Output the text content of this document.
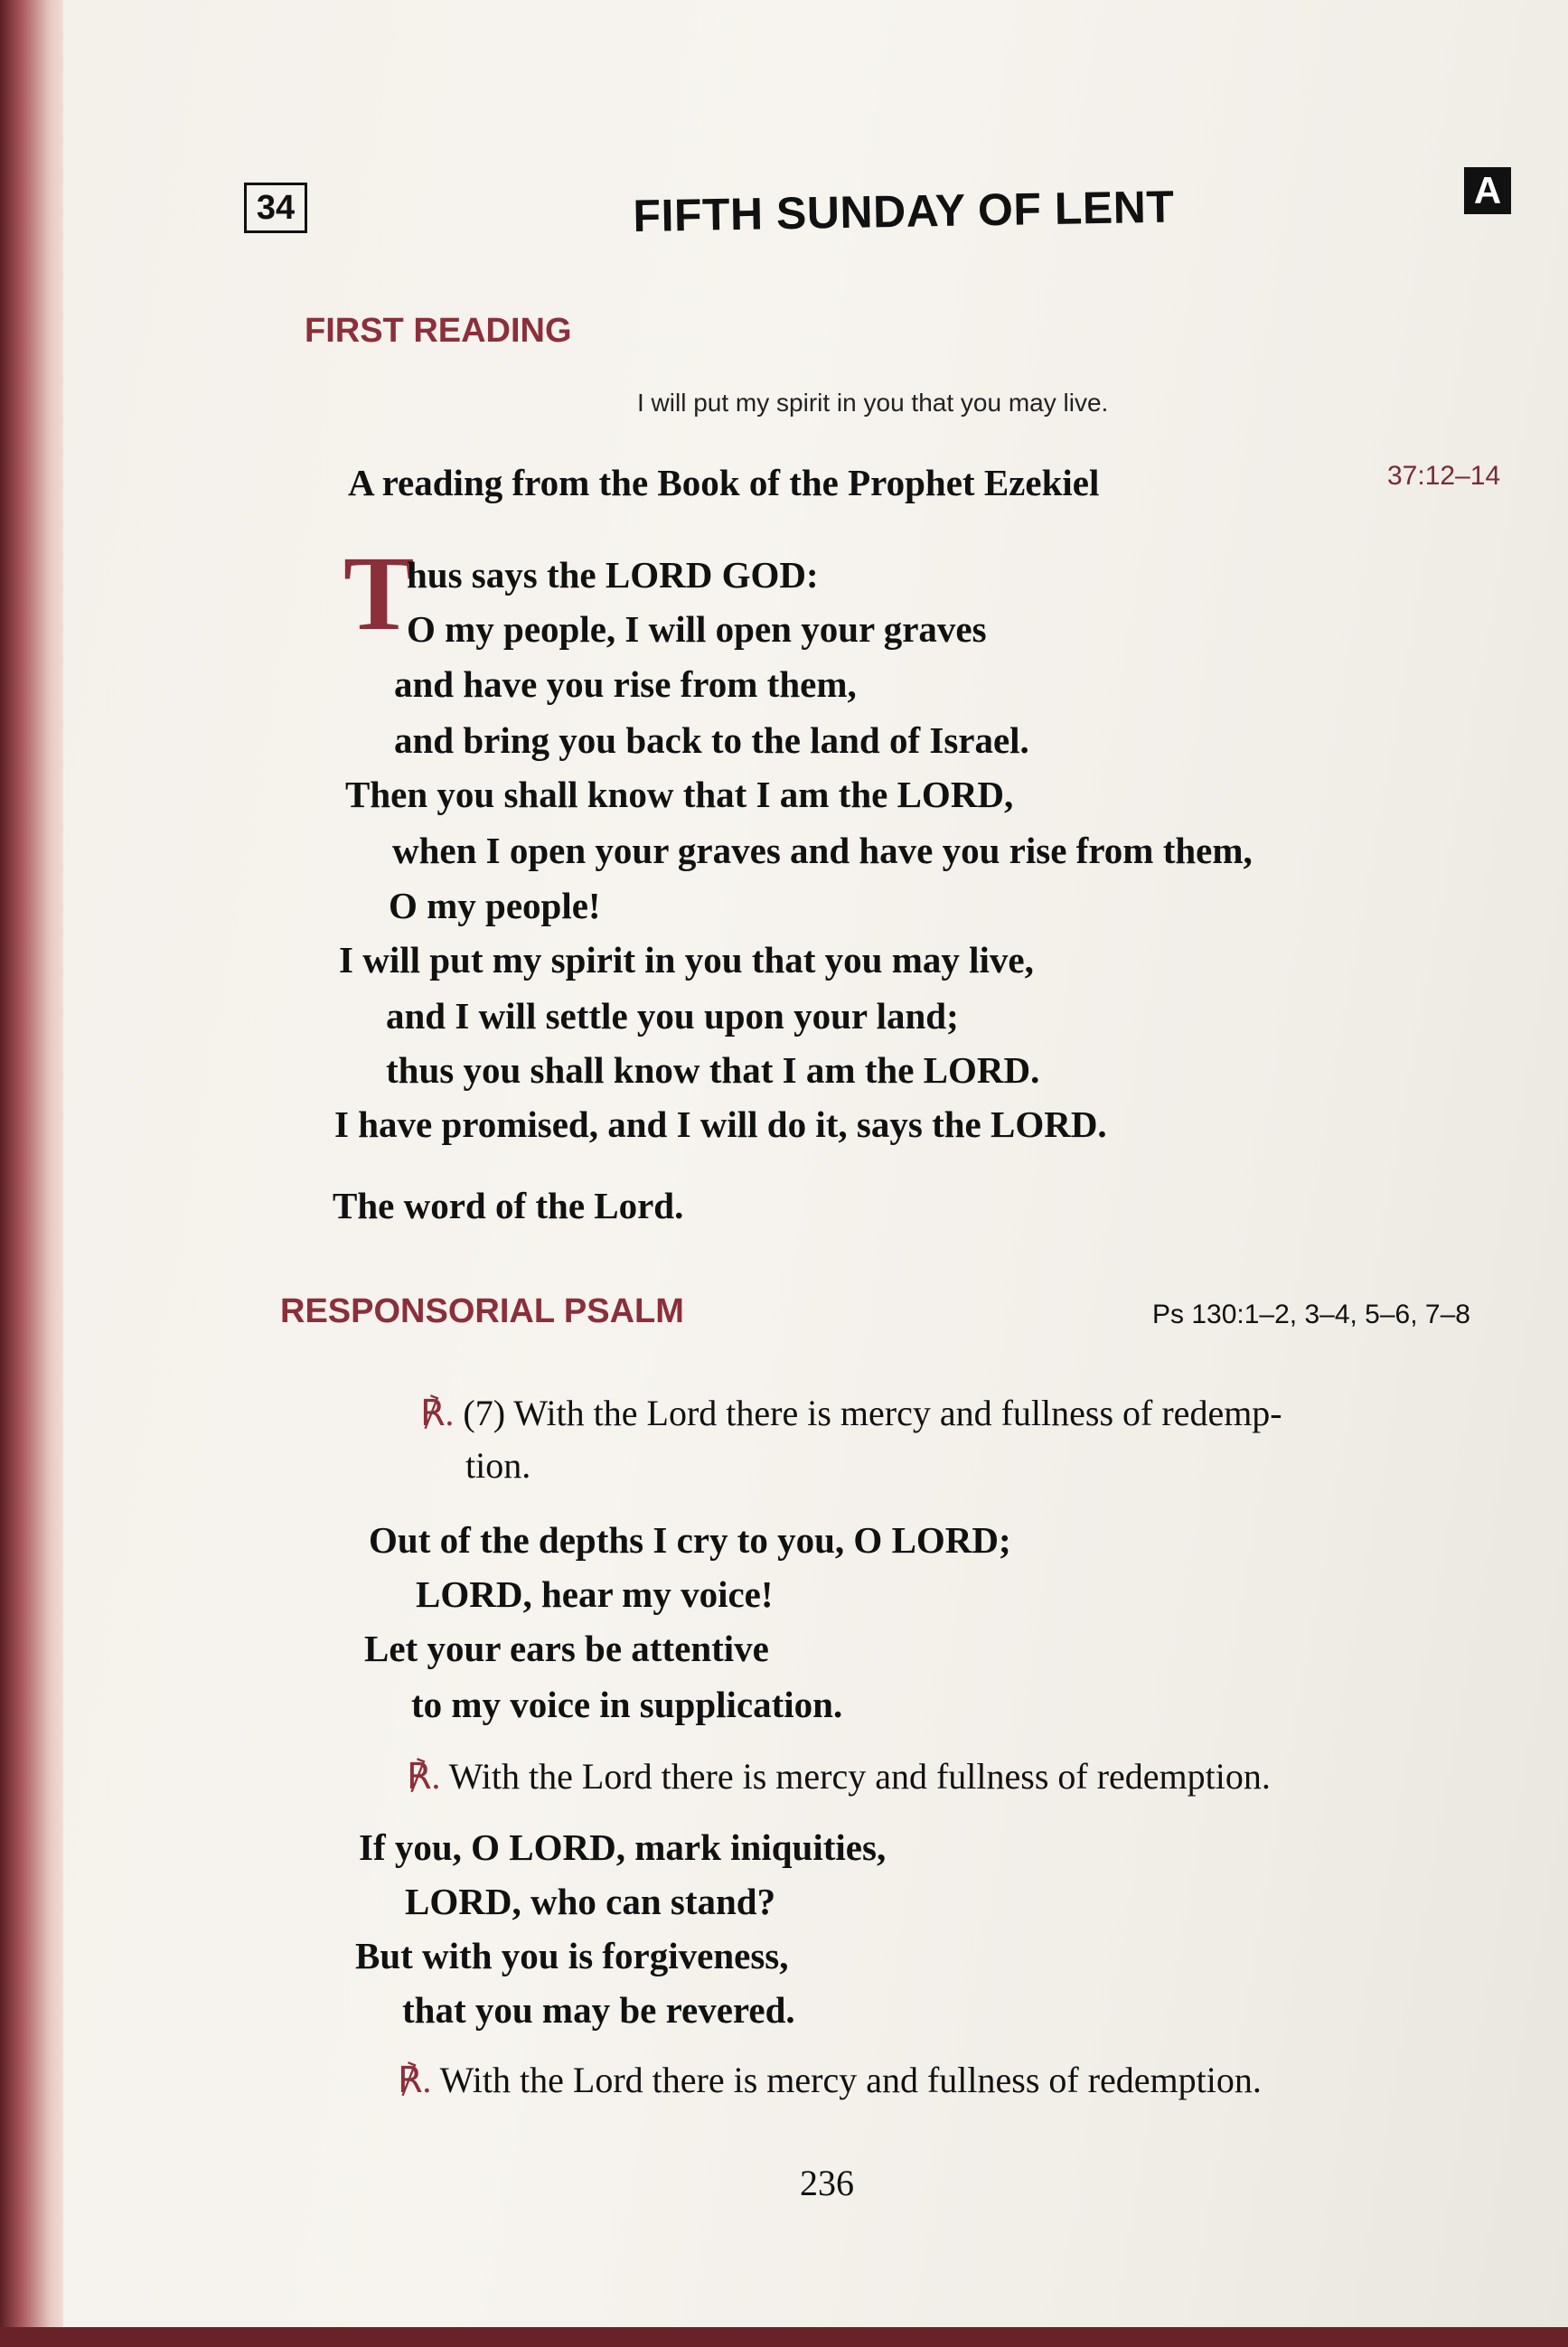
34	FIFTH SUNDAY OF LENT	A
FIRST READING
I will put my spirit in you that you may live.
A reading from the Book of the Prophet Ezekiel	37:12–14
T
hus says the LORD GOD:
O my people, I will open your graves
and have you rise from them,
and bring you back to the land of Israel.
Then you shall know that I am the LORD,
when I open your graves and have you rise from them,
O my people!
I will put my spirit in you that you may live,
and I will settle you upon your land;
thus you shall know that I am the LORD.
I have promised, and I will do it, says the LORD.
The word of the Lord.
RESPONSORIAL PSALM	Ps 130:1–2, 3–4, 5–6, 7–8
℟. (7) With the Lord there is mercy and fullness of redemp-
tion.
Out of the depths I cry to you, O LORD;
LORD, hear my voice!
Let your ears be attentive
to my voice in supplication.
℟. With the Lord there is mercy and fullness of redemption.
If you, O LORD, mark iniquities,
LORD, who can stand?
But with you is forgiveness,
that you may be revered.
℟. With the Lord there is mercy and fullness of redemption.
236
